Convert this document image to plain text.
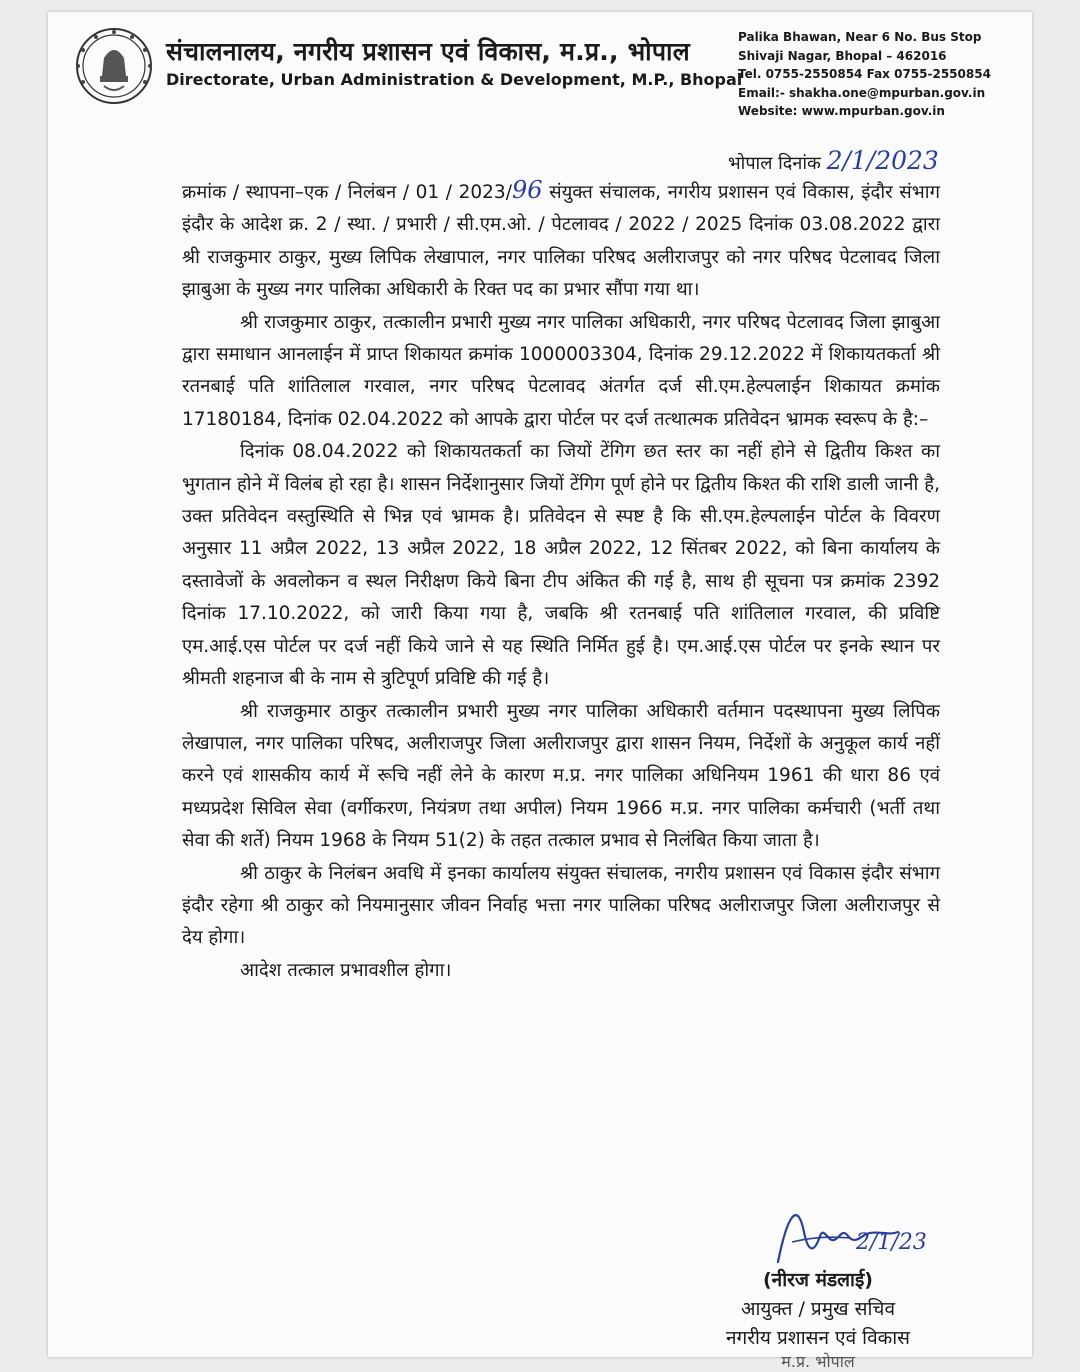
संचालनालय, नगरीय प्रशासन एवं विकास, म.प्र., भोपाल
Directorate, Urban Administration & Development, M.P., Bhopal
Palika Bhawan, Near 6 No. Bus Stop
Shivaji Nagar, Bhopal – 462016
Tel. 0755-2550854 Fax 0755-2550854
Email:- shakha.one@mpurban.gov.in
Website: www.mpurban.gov.in
भोपाल दिनांक 2/1/2023

क्रमांक / स्थापना–एक / निलंबन / 01 / 2023/96 संयुक्त संचालक, नगरीय प्रशासन एवं विकास, इंदौर संभाग इंदौर के आदेश क्र. 2 / स्था. / प्रभारी / सी.एम.ओ. / पेटलावद / 2022 / 2025 दिनांक 03.08.2022 द्वारा श्री राजकुमार ठाकुर, मुख्य लिपिक लेखापाल, नगर पालिका परिषद अलीराजपुर को नगर परिषद पेटलावद जिला झाबुआ के मुख्य नगर पालिका अधिकारी के रिक्त पद का प्रभार सौंपा गया था।

श्री राजकुमार ठाकुर, तत्कालीन प्रभारी मुख्य नगर पालिका अधिकारी, नगर परिषद पेटलावद जिला झाबुआ द्वारा समाधान आनलाईन में प्राप्त शिकायत क्रमांक 1000003304, दिनांक 29.12.2022 में शिकायतकर्ता श्री रतनबाई पति शांतिलाल गरवाल, नगर परिषद पेटलावद अंतर्गत दर्ज सी.एम.हेल्पलाईन शिकायत क्रमांक 17180184, दिनांक 02.04.2022 को आपके द्वारा पोर्टल पर दर्ज तत्थात्मक प्रतिवेदन भ्रामक स्वरूप के है:–

दिनांक 08.04.2022 को शिकायतकर्ता का जियों टेंगिग छत स्तर का नहीं होने से द्वितीय किश्त का भुगतान होने में विलंब हो रहा है। शासन निर्देशानुसार जियों टेंगिग पूर्ण होने पर द्वितीय किश्त की राशि डाली जानी है, उक्त प्रतिवेदन वस्तुस्थिति से भिन्न एवं भ्रामक है। प्रतिवेदन से स्पष्ट है कि सी.एम.हेल्पलाईन पोर्टल के विवरण अनुसार 11 अप्रैल 2022, 13 अप्रैल 2022, 18 अप्रैल 2022, 12 सिंतबर 2022, को बिना कार्यालय के दस्तावेजों के अवलोकन व स्थल निरीक्षण किये बिना टीप अंकित की गई है, साथ ही सूचना पत्र क्रमांक 2392 दिनांक 17.10.2022, को जारी किया गया है, जबकि श्री रतनबाई पति शांतिलाल गरवाल, की प्रविष्टि एम.आई.एस पोर्टल पर दर्ज नहीं किये जाने से यह स्थिति निर्मित हुई है। एम.आई.एस पोर्टल पर इनके स्थान पर श्रीमती शहनाज बी के नाम से त्रुटिपूर्ण प्रविष्टि की गई है।

श्री राजकुमार ठाकुर तत्कालीन प्रभारी मुख्य नगर पालिका अधिकारी वर्तमान पदस्थापना मुख्य लिपिक लेखापाल, नगर पालिका परिषद, अलीराजपुर जिला अलीराजपुर द्वारा शासन नियम, निर्देशों के अनुकूल कार्य नहीं करने एवं शासकीय कार्य में रूचि नहीं लेने के कारण म.प्र. नगर पालिका अधिनियम 1961 की धारा 86 एवं मध्यप्रदेश सिविल सेवा (वर्गीकरण, नियंत्रण तथा अपील) नियम 1966 म.प्र. नगर पालिका कर्मचारी (भर्ती तथा सेवा की शर्ते) नियम 1968 के नियम 51(2) के तहत तत्काल प्रभाव से निलंबित किया जाता है।

श्री ठाकुर के निलंबन अवधि में इनका कार्यालय संयुक्त संचालक, नगरीय प्रशासन एवं विकास इंदौर संभाग इंदौर रहेगा श्री ठाकुर को नियमानुसार जीवन निर्वाह भत्ता नगर पालिका परिषद अलीराजपुर जिला अलीराजपुर से देय होगा।

आदेश तत्काल प्रभावशील होगा।

2/1/23
(नीरज मंडलाई)
आयुक्त / प्रमुख सचिव
नगरीय प्रशासन एवं विकास
म.प्र. भोपाल
